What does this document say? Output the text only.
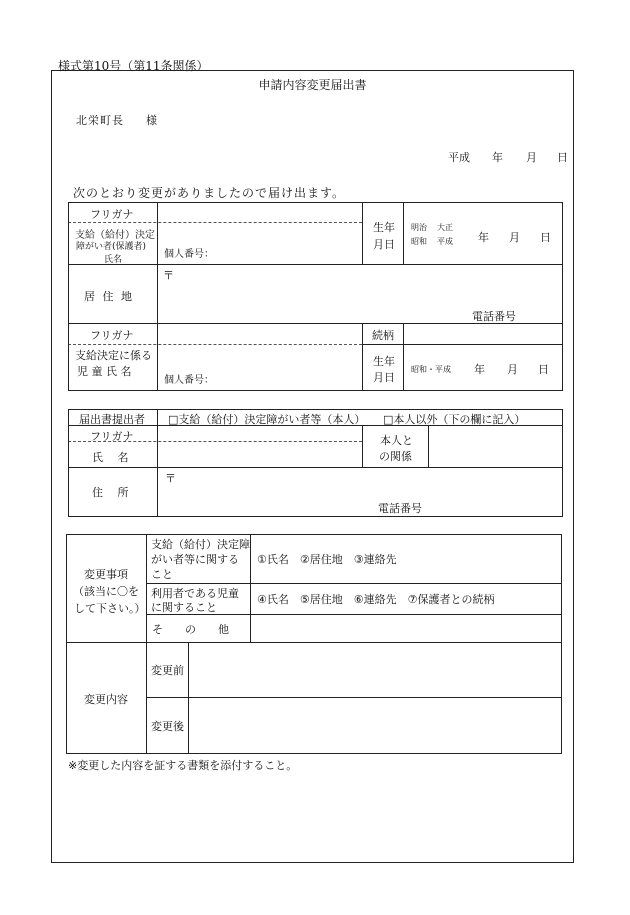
様式第10号（第11条関係）
申請内容変更届出書
北栄町長 様
平成 年 月 日
次のとおり変更がありましたので届け出ます。
フリガナ
支給（給付）決定
障がい者(保護者)
氏名	個人番号：
生年
月日
明治 大正
昭和 平成 年 月 日
〒
居 住 地
電話番号
フリガナ	続柄
支給決定に係る
児 童 氏 名
個人番号：
生年
月日
昭和・平成 年 月 日
届出書提出者 □支給（給付）決定障がい者等（本人） □本人以外（下の欄に記入）
フリガナ
氏　 名
本人と
の関係
〒
住　 所
電話番号
変更事項
（該当に〇を
して下さい。）
支給（給付）決定障
がい者等に関する
こと
①氏名　②居住地　③連絡先
利用者である児童
に関すること
④氏名　⑤居住地　⑥連絡先　⑦保護者との続柄
そ　　の　　他
変更内容
変更前
変更後
※変更した内容を証する書類を添付すること。
